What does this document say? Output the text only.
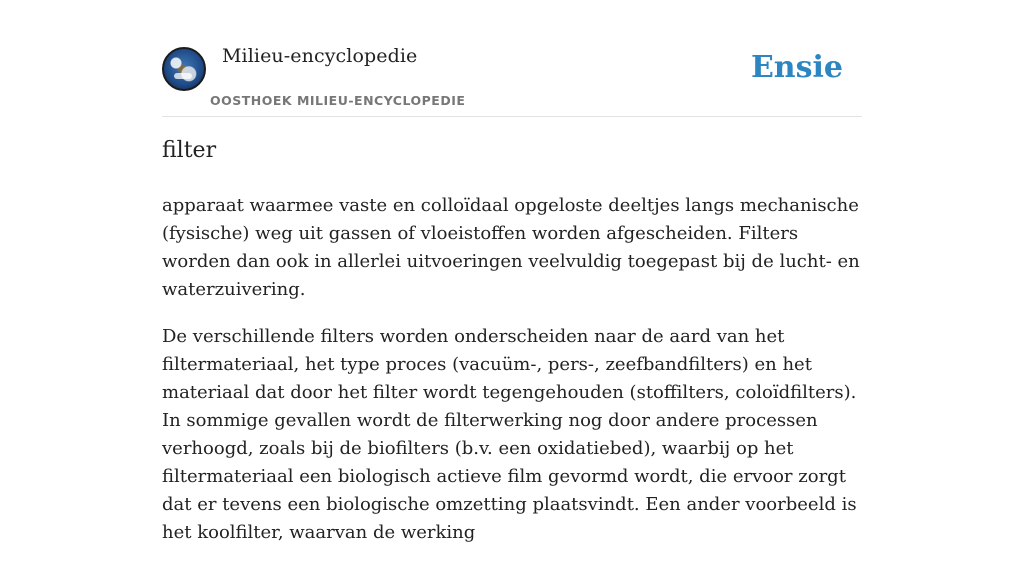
Milieu-encyclopedie
OOSTHOEK MILIEU-ENCYCLOPEDIE
Ensie
filter

apparaat waarmee vaste en colloïdaal opgeloste deeltjes langs mechanische (fysische) weg uit gassen of vloeistoffen worden afgescheiden. Filters worden dan ook in allerlei uitvoeringen veelvuldig toegepast bij de lucht- en waterzuivering.

De verschillende filters worden onderscheiden naar de aard van het filtermateriaal, het type proces (vacuüm-, pers-, zeefbandfilters) en het materiaal dat door het filter wordt tegengehouden (stoffilters, coloïdfilters). In sommige gevallen wordt de filterwerking nog door andere processen verhoogd, zoals bij de biofilters (b.v. een oxidatiebed), waarbij op het filtermateriaal een biologisch actieve film gevormd wordt, die ervoor zorgt dat er tevens een biologische omzetting plaatsvindt. Een ander voorbeeld is het koolfilter, waarvan de werking
